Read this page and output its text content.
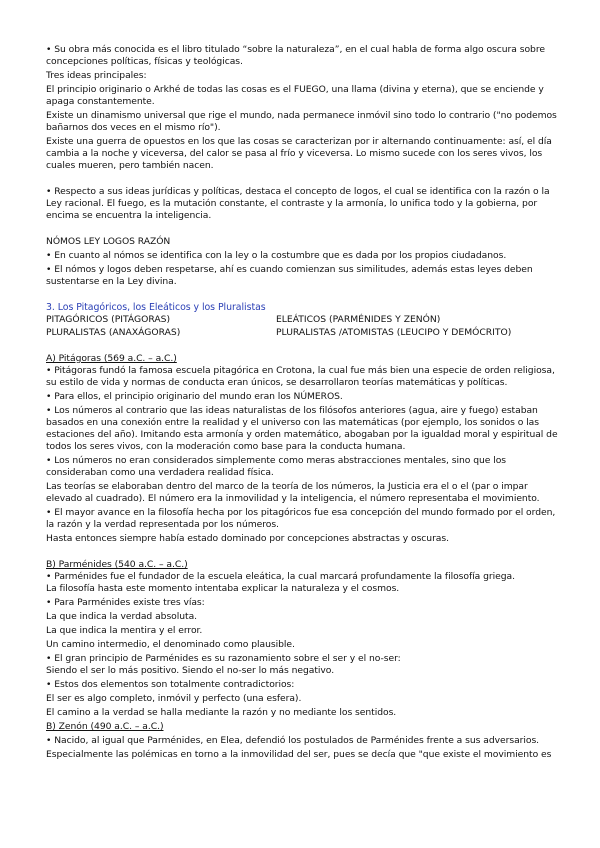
• Su obra más conocida es el libro titulado “sobre la naturaleza”, en el cual habla de forma algo oscura sobre concepciones políticas, físicas y teológicas.

Tres ideas principales:

El principio originario o Arkhé de todas las cosas es el FUEGO, una llama (divina y eterna), que se enciende y apaga constantemente.

Existe un dinamismo universal que rige el mundo, nada permanece inmóvil sino todo lo contrario ("no podemos bañarnos dos veces en el mismo río").

Existe una guerra de opuestos en los que las cosas se caracterizan por ir alternando continuamente: así, el día cambia a la noche y viceversa, del calor se pasa al frío y viceversa. Lo mismo sucede con los seres vivos, los cuales mueren, pero también nacen.

• Respecto a sus ideas jurídicas y políticas, destaca el concepto de logos, el cual se identifica con la razón o la Ley racional. El fuego, es la mutación constante, el contraste y la armonía, lo unifica todo y la gobierna, por encima se encuentra la inteligencia.

NÓMOS LEY LOGOS RAZÓN

• En cuanto al nómos se identifica con la ley o la costumbre que es dada por los propios ciudadanos.

• El nómos y logos deben respetarse, ahí es cuando comienzan sus similitudes, además estas leyes deben sustentarse en la Ley divina.

3. Los Pitagóricos, los Eleáticos y los Pluralistas

PITAGÓRICOS (PITÁGORAS)	ELEÁTICOS (PARMÉNIDES Y ZENÓN)
PLURALISTAS (ANAXÁGORAS)	PLURALISTAS /ATOMISTAS (LEUCIPO Y DEMÓCRITO)

A) Pitágoras (569 a.C. – a.C.)

• Pitágoras fundó la famosa escuela pitagórica en Crotona, la cual fue más bien una especie de orden religiosa, su estilo de vida y normas de conducta eran únicos, se desarrollaron teorías matemáticas y políticas.

• Para ellos, el principio originario del mundo eran los NÚMEROS.

• Los números al contrario que las ideas naturalistas de los filósofos anteriores (agua, aire y fuego) estaban basados en una conexión entre la realidad y el universo con las matemáticas (por ejemplo, los sonidos o las estaciones del año). Imitando esta armonía y orden matemático, abogaban por la igualdad moral y espiritual de todos los seres vivos, con la moderación como base para la conducta humana.

• Los números no eran considerados simplemente como meras abstracciones mentales, sino que los consideraban como una verdadera realidad física.

Las teorías se elaboraban dentro del marco de la teoría de los números, la Justicia era el o el (par o impar elevado al cuadrado). El número era la inmovilidad y la inteligencia, el número representaba el movimiento.

• El mayor avance en la filosofía hecha por los pitagóricos fue esa concepción del mundo formado por el orden, la razón y la verdad representada por los números.

Hasta entonces siempre había estado dominado por concepciones abstractas y oscuras.

B) Parménides (540 a.C. – a.C.)

• Parménides fue el fundador de la escuela eleática, la cual marcará profundamente la filosofía griega.

La filosofía hasta este momento intentaba explicar la naturaleza y el cosmos.

• Para Parménides existe tres vías:

La que indica la verdad absoluta.

La que indica la mentira y el error.

Un camino intermedio, el denominado como plausible.

• El gran principio de Parménides es su razonamiento sobre el ser y el no-ser:

Siendo el ser lo más positivo. Siendo el no-ser lo más negativo.

• Estos dos elementos son totalmente contradictorios:

El ser es algo completo, inmóvil y perfecto (una esfera).

El camino a la verdad se halla mediante la razón y no mediante los sentidos.

B) Zenón (490 a.C. – a.C.)

• Nacido, al igual que Parménides, en Elea, defendió los postulados de Parménides frente a sus adversarios.

Especialmente las polémicas en torno a la inmovilidad del ser, pues se decía que "que existe el movimiento es
